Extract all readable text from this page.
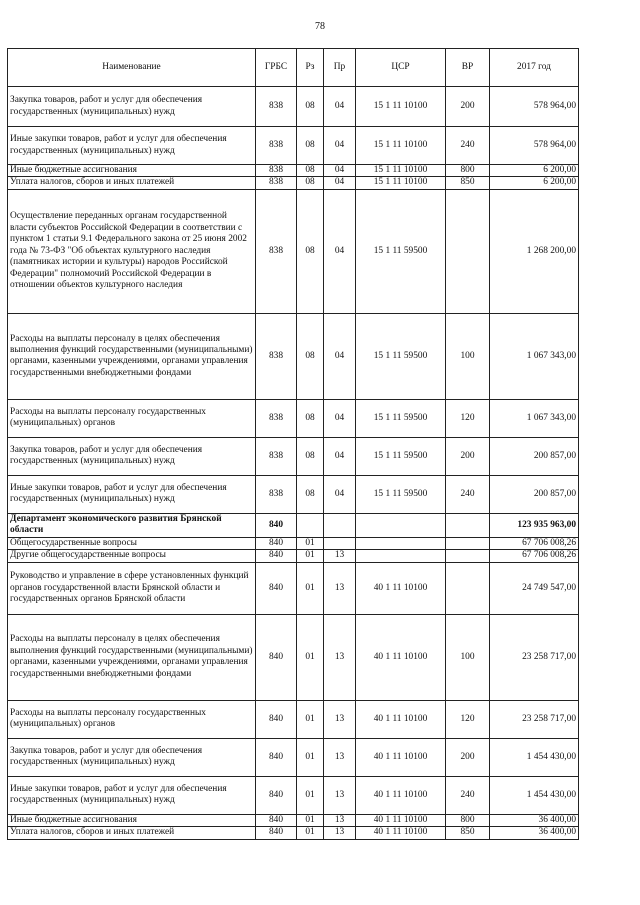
78
Наименование	ГРБС	Рз	Пр	ЦСР	ВР	2017 год
Закупка товаров, работ и услуг для обеспечения государственных (муниципальных) нужд	838	08	04	15 1 11 10100	200	578 964,00
Иные закупки товаров, работ и услуг для обеспечения государственных (муниципальных) нужд	838	08	04	15 1 11 10100	240	578 964,00
Иные бюджетные ассигнования	838	08	04	15 1 11 10100	800	6 200,00
Уплата налогов, сборов и иных платежей	838	08	04	15 1 11 10100	850	6 200,00
Осуществление переданных органам государственной власти субъектов Российской Федерации в соответствии с пунктом 1 статьи 9.1 Федерального закона от 25 июня 2002 года № 73-ФЗ "Об объектах культурного наследия (памятниках истории и культуры) народов Российской Федерации" полномочий Российской Федерации в отношении объектов культурного наследия	838	08	04	15 1 11 59500		1 268 200,00
Расходы на выплаты персоналу в целях обеспечения выполнения функций государственными (муниципальными) органами, казенными учреждениями, органами управления государственными внебюджетными фондами	838	08	04	15 1 11 59500	100	1 067 343,00
Расходы на выплаты персоналу государственных (муниципальных) органов	838	08	04	15 1 11 59500	120	1 067 343,00
Закупка товаров, работ и услуг для обеспечения государственных (муниципальных) нужд	838	08	04	15 1 11 59500	200	200 857,00
Иные закупки товаров, работ и услуг для обеспечения государственных (муниципальных) нужд	838	08	04	15 1 11 59500	240	200 857,00
Департамент экономического развития Брянской области	840					123 935 963,00
Общегосударственные вопросы	840	01				67 706 008,26
Другие общегосударственные вопросы	840	01	13			67 706 008,26
Руководство и управление в сфере установленных функций органов государственной власти Брянской области и государственных органов Брянской области	840	01	13	40 1 11 10100		24 749 547,00
Расходы на выплаты персоналу в целях обеспечения выполнения функций государственными (муниципальными) органами, казенными учреждениями, органами управления государственными внебюджетными фондами	840	01	13	40 1 11 10100	100	23 258 717,00
Расходы на выплаты персоналу государственных (муниципальных) органов	840	01	13	40 1 11 10100	120	23 258 717,00
Закупка товаров, работ и услуг для обеспечения государственных (муниципальных) нужд	840	01	13	40 1 11 10100	200	1 454 430,00
Иные закупки товаров, работ и услуг для обеспечения государственных (муниципальных) нужд	840	01	13	40 1 11 10100	240	1 454 430,00
Иные бюджетные ассигнования	840	01	13	40 1 11 10100	800	36 400,00
Уплата налогов, сборов и иных платежей	840	01	13	40 1 11 10100	850	36 400,00
